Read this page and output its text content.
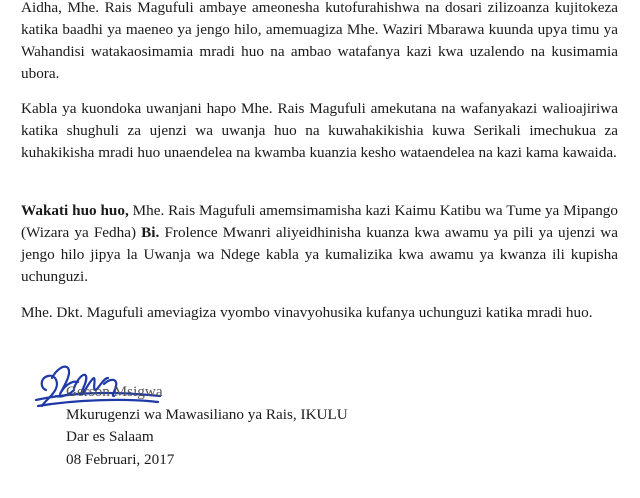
Aidha, Mhe. Rais Magufuli ambaye ameonesha kutofurahishwa na dosari zilizoanza kujitokeza katika baadhi ya maeneo ya jengo hilo, amemuagiza Mhe. Waziri Mbarawa kuunda upya timu ya Wahandisi watakaosimamia mradi huo na ambao watafanya kazi kwa uzalendo na kusimamia ubora.

Kabla ya kuondoka uwanjani hapo Mhe. Rais Magufuli amekutana na wafanyakazi walioajiriwa katika shughuli za ujenzi wa uwanja huo na kuwahakikishia kuwa Serikali imechukua za kuhakikisha mradi huo unaendelea na kwamba kuanzia kesho wataendelea na kazi kama kawaida.

Wakati huo huo, Mhe. Rais Magufuli amemsimamisha kazi Kaimu Katibu wa Tume ya Mipango (Wizara ya Fedha) Bi. Frolence Mwanri aliyeidhinisha kuanza kwa awamu ya pili ya ujenzi wa jengo hilo jipya la Uwanja wa Ndege kabla ya kumalizika kwa awamu ya kwanza ili kupisha uchunguzi.

Mhe. Dkt. Magufuli ameviagiza vyombo vinavyohusika kufanya uchunguzi katika mradi huo.

Gerson Msigwa
Mkurugenzi wa Mawasiliano ya Rais, IKULU
Dar es Salaam
08 Februari, 2017
